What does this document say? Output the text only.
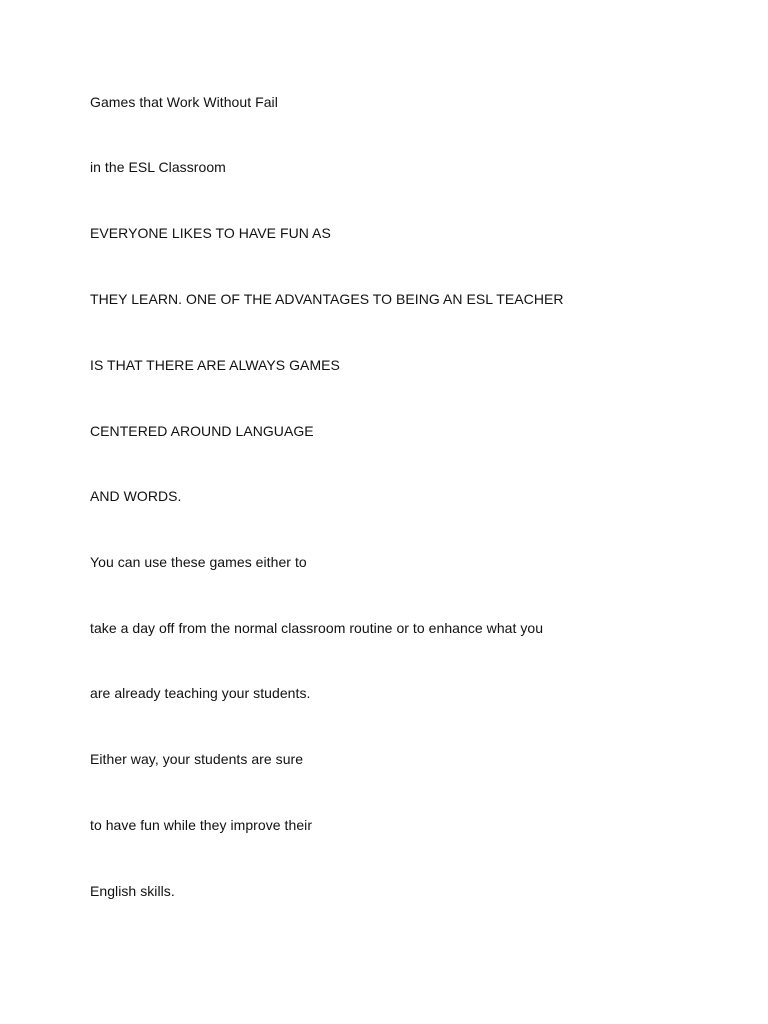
Games that Work Without Fail
in the ESL Classroom
EVERYONE LIKES TO HAVE FUN AS
THEY LEARN. ONE OF THE ADVANTAGES TO BEING AN ESL TEACHER
IS THAT THERE ARE ALWAYS GAMES
CENTERED AROUND LANGUAGE
AND WORDS.
You can use these games either to
take a day off from the normal classroom routine or to enhance what you
are already teaching your students.
Either way, your students are sure
to have fun while they improve their
English skills.
